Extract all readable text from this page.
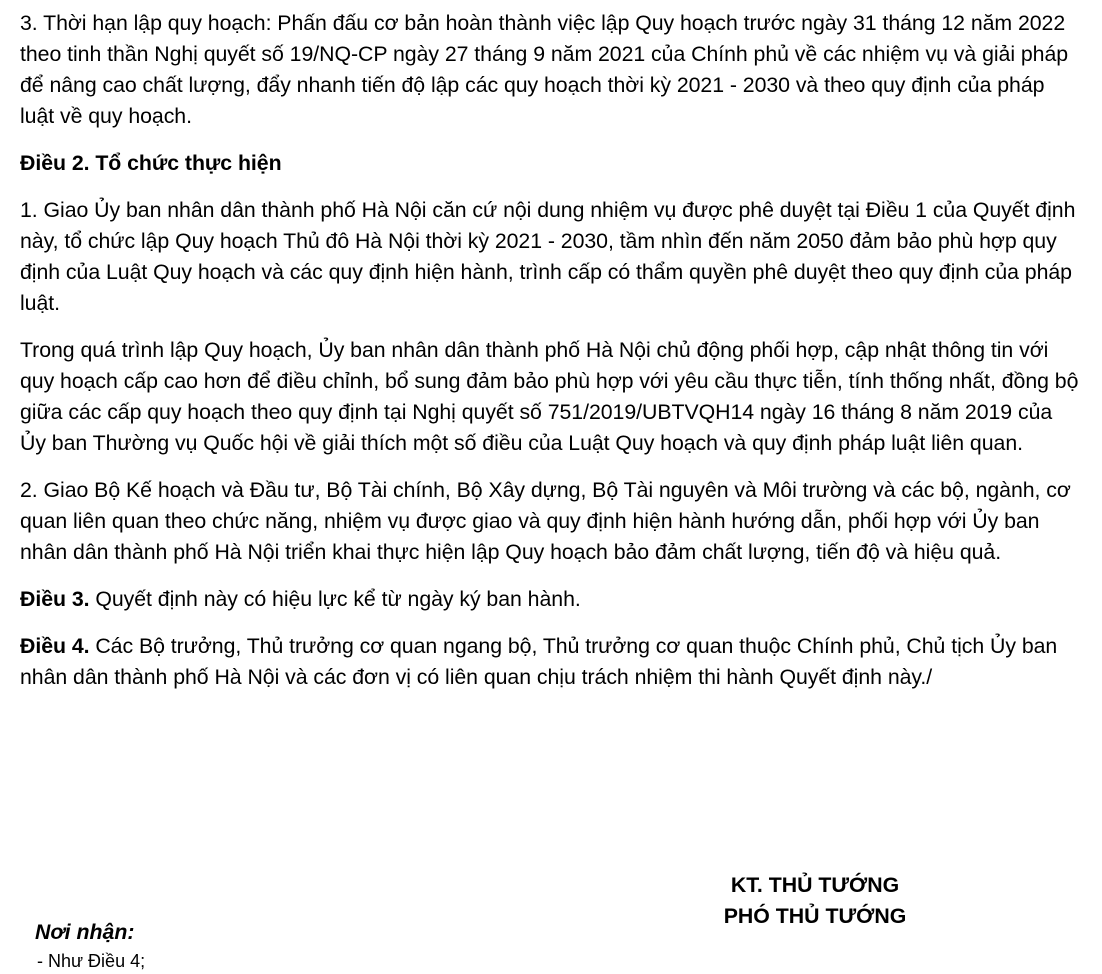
3. Thời hạn lập quy hoạch: Phấn đấu cơ bản hoàn thành việc lập Quy hoạch trước ngày 31 tháng 12 năm 2022 theo tinh thần Nghị quyết số 19/NQ-CP ngày 27 tháng 9 năm 2021 của Chính phủ về các nhiệm vụ và giải pháp để nâng cao chất lượng, đẩy nhanh tiến độ lập các quy hoạch thời kỳ 2021 - 2030 và theo quy định của pháp luật về quy hoạch.

Điều 2. Tổ chức thực hiện

1. Giao Ủy ban nhân dân thành phố Hà Nội căn cứ nội dung nhiệm vụ được phê duyệt tại Điều 1 của Quyết định này, tổ chức lập Quy hoạch Thủ đô Hà Nội thời kỳ 2021 - 2030, tầm nhìn đến năm 2050 đảm bảo phù hợp quy định của Luật Quy hoạch và các quy định hiện hành, trình cấp có thẩm quyền phê duyệt theo quy định của pháp luật.

Trong quá trình lập Quy hoạch, Ủy ban nhân dân thành phố Hà Nội chủ động phối hợp, cập nhật thông tin với quy hoạch cấp cao hơn để điều chỉnh, bổ sung đảm bảo phù hợp với yêu cầu thực tiễn, tính thống nhất, đồng bộ giữa các cấp quy hoạch theo quy định tại Nghị quyết số 751/2019/UBTVQH14 ngày 16 tháng 8 năm 2019 của Ủy ban Thường vụ Quốc hội về giải thích một số điều của Luật Quy hoạch và quy định pháp luật liên quan.

2. Giao Bộ Kế hoạch và Đầu tư, Bộ Tài chính, Bộ Xây dựng, Bộ Tài nguyên và Môi trường và các bộ, ngành, cơ quan liên quan theo chức năng, nhiệm vụ được giao và quy định hiện hành hướng dẫn, phối hợp với Ủy ban nhân dân thành phố Hà Nội triển khai thực hiện lập Quy hoạch bảo đảm chất lượng, tiến độ và hiệu quả.

Điều 3. Quyết định này có hiệu lực kể từ ngày ký ban hành.

Điều 4. Các Bộ trưởng, Thủ trưởng cơ quan ngang bộ, Thủ trưởng cơ quan thuộc Chính phủ, Chủ tịch Ủy ban nhân dân thành phố Hà Nội và các đơn vị có liên quan chịu trách nhiệm thi hành Quyết định này./

KT. THỦ TƯỚNG
PHÓ THỦ TƯỚNG
Nơi nhận:
- Như Điều 4;
